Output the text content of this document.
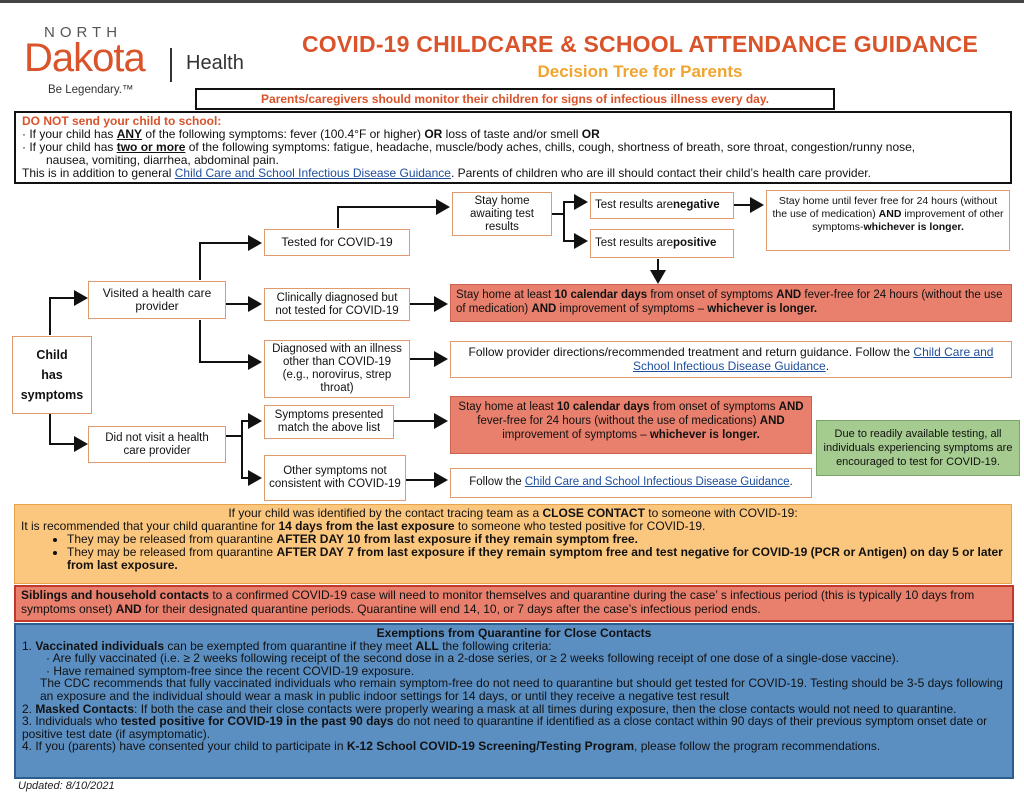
NORTH
Dakota Health
Be Legendary.™
COVID-19 CHILDCARE & SCHOOL ATTENDANCE GUIDANCE
Decision Tree for Parents
Parents/caregivers should monitor their children for signs of infectious illness every day.
DO NOT send your child to school:
· If your child has ANY of the following symptoms: fever (100.4°F or higher) OR loss of taste and/or smell OR
· If your child has two or more of the following symptoms: fatigue, headache, muscle/body aches, chills, cough, shortness of breath, sore throat, congestion/runny nose,
nausea, vomiting, diarrhea, abdominal pain.
This is in addition to general Child Care and School Infectious Disease Guidance. Parents of children who are ill should contact their child’s health care provider.
Child
has
symptoms
Visited a health care provider
Did not visit a health care provider
Tested for COVID-19
Clinically diagnosed but not tested for COVID-19
Diagnosed with an illness other than COVID-19 (e.g., norovirus, strep throat)
Stay home awaiting test results
Test results are negative
Test results are positive
Stay home until fever free for 24 hours (without the use of medication) AND improvement of other symptoms-whichever is longer.
Stay home at least 10 calendar days from onset of symptoms AND fever-free for 24 hours (without the use of medication) AND improvement of symptoms – whichever is longer.
Follow provider directions/recommended treatment and return guidance. Follow the Child Care and School Infectious Disease Guidance.
Symptoms presented match the above list
Other symptoms not consistent with COVID-19
Stay home at least 10 calendar days from onset of symptoms AND fever-free for 24 hours (without the use of medications) AND improvement of symptoms – whichever is longer.
Follow the Child Care and School Infectious Disease Guidance.
Due to readily available testing, all individuals experiencing symptoms are encouraged to test for COVID-19.
If your child was identified by the contact tracing team as a CLOSE CONTACT to someone with COVID-19:
It is recommended that your child quarantine for 14 days from the last exposure to someone who tested positive for COVID-19.
• They may be released from quarantine AFTER DAY 10 from last exposure if they remain symptom free.
• They may be released from quarantine AFTER DAY 7 from last exposure if they remain symptom free and test negative for COVID-19 (PCR or Antigen) on day 5 or later from last exposure.
Siblings and household contacts to a confirmed COVID-19 case will need to monitor themselves and quarantine during the case’ s infectious period (this is typically 10 days from symptoms onset) AND for their designated quarantine periods. Quarantine will end 14, 10, or 7 days after the case’s infectious period ends.
Exemptions from Quarantine for Close Contacts
1. Vaccinated individuals can be exempted from quarantine if they meet ALL the following criteria:
· Are fully vaccinated (i.e. ≥ 2 weeks following receipt of the second dose in a 2-dose series, or ≥ 2 weeks following receipt of one dose of a single-dose vaccine).
· Have remained symptom-free since the recent COVID-19 exposure.
The CDC recommends that fully vaccinated individuals who remain symptom-free do not need to quarantine but should get tested for COVID-19. Testing should be 3-5 days following an exposure and the individual should wear a mask in public indoor settings for 14 days, or until they receive a negative test result
2. Masked Contacts: If both the case and their close contacts were properly wearing a mask at all times during exposure, then the close contacts would not need to quarantine.
3. Individuals who tested positive for COVID-19 in the past 90 days do not need to quarantine if identified as a close contact within 90 days of their previous symptom onset date or positive test date (if asymptomatic).
4. If you (parents) have consented your child to participate in K-12 School COVID-19 Screening/Testing Program, please follow the program recommendations.
Updated: 8/10/2021
